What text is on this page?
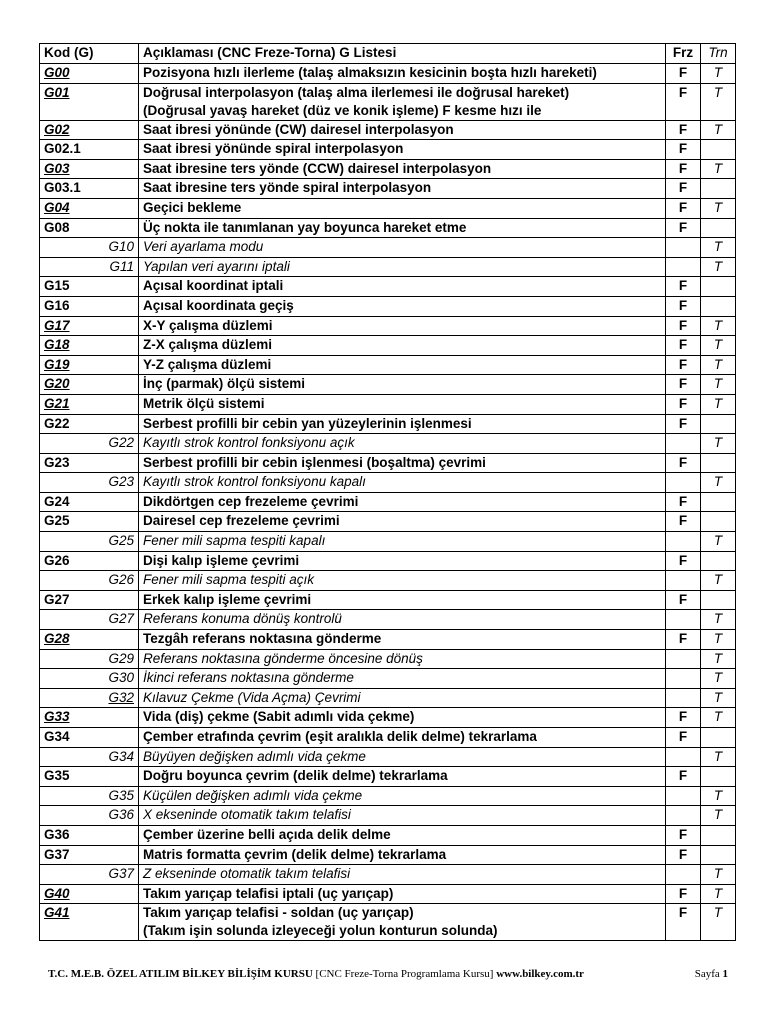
Kod (G)	Açıklaması (CNC Freze-Torna) G Listesi	Frz	Trn
G00	Pozisyona hızlı ilerleme (talaş almaksızın kesicinin boşta hızlı hareketi)	F	T
G01	Doğrusal interpolasyon (talaş alma ilerlemesi ile doğrusal hareket)
(Doğrusal yavaş hareket (düz ve konik işleme) F kesme hızı ile	F	T
G02	Saat ibresi yönünde (CW) dairesel interpolasyon	F	T
G02.1	Saat ibresi yönünde spiral interpolasyon	F	
G03	Saat ibresine ters yönde (CCW) dairesel interpolasyon	F	T
G03.1	Saat ibresine ters yönde spiral interpolasyon	F	
G04	Geçici bekleme	F	T
G08	Üç nokta ile tanımlanan yay boyunca hareket etme	F	
G10	Veri ayarlama modu		T
G11	Yapılan veri ayarını iptali		T
G15	Açısal koordinat iptali	F	
G16	Açısal koordinata geçiş	F	
G17	X-Y çalışma düzlemi	F	T
G18	Z-X çalışma düzlemi	F	T
G19	Y-Z çalışma düzlemi	F	T
G20	İnç (parmak) ölçü sistemi	F	T
G21	Metrik ölçü sistemi	F	T
G22	Serbest profilli bir cebin yan yüzeylerinin işlenmesi	F	
G22	Kayıtlı strok kontrol fonksiyonu açık		T
G23	Serbest profilli bir cebin işlenmesi (boşaltma) çevrimi	F	
G23	Kayıtlı strok kontrol fonksiyonu kapalı		T
G24	Dikdörtgen cep frezeleme çevrimi	F	
G25	Dairesel cep frezeleme çevrimi	F	
G25	Fener mili sapma tespiti kapalı		T
G26	Dişi kalıp işleme çevrimi	F	
G26	Fener mili sapma tespiti açık		T
G27	Erkek kalıp işleme çevrimi	F	
G27	Referans konuma dönüş kontrolü		T
G28	Tezgâh referans noktasına gönderme	F	T
G29	Referans noktasına gönderme öncesine dönüş		T
G30	İkinci referans noktasına gönderme		T
G32	Kılavuz Çekme (Vida Açma) Çevrimi		T
G33	Vida (diş) çekme (Sabit adımlı vida çekme)	F	T
G34	Çember etrafında çevrim (eşit aralıkla delik delme) tekrarlama	F	
G34	Büyüyen değişken adımlı vida çekme		T
G35	Doğru boyunca çevrim (delik delme) tekrarlama	F	
G35	Küçülen değişken adımlı vida çekme		T
G36	X ekseninde otomatik takım telafisi		T
G36	Çember üzerine belli açıda delik delme	F	
G37	Matris formatta çevrim (delik delme) tekrarlama	F	
G37	Z ekseninde otomatik takım telafisi		T
G40	Takım yarıçap telafisi iptali (uç yarıçap)	F	T
G41	Takım yarıçap telafisi - soldan (uç yarıçap)
(Takım işin solunda izleyeceği yolun konturun solunda)	F	T
T.C. M.E.B. ÖZEL ATILIM BİLKEY BİLİŞİM KURSU [CNC Freze-Torna Programlama Kursu] www.bilkey.com.tr	Sayfa 1
